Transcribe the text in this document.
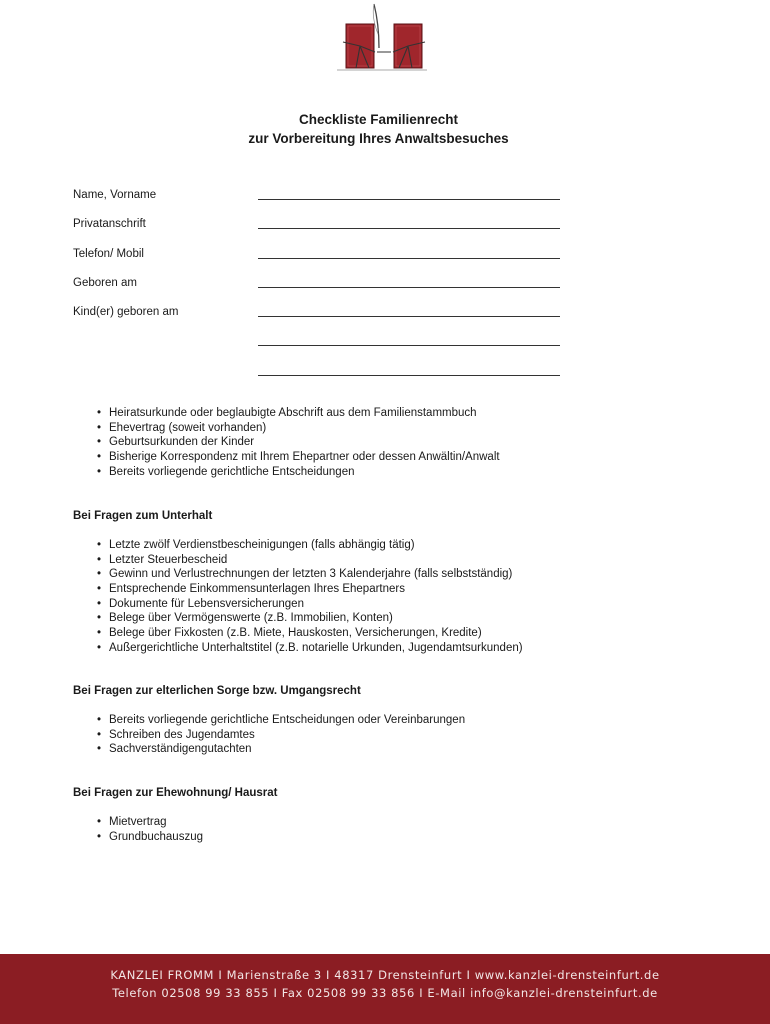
Checkliste Familienrecht
zur Vorbereitung Ihres Anwaltsbesuches
Name, Vorname
Privatanschrift
Telefon/ Mobil
Geboren am
Kind(er) geboren am
• Heiratsurkunde oder beglaubigte Abschrift aus dem Familienstammbuch
• Ehevertrag (soweit vorhanden)
• Geburtsurkunden der Kinder
• Bisherige Korrespondenz mit Ihrem Ehepartner oder dessen Anwältin/Anwalt
• Bereits vorliegende gerichtliche Entscheidungen
Bei Fragen zum Unterhalt
• Letzte zwölf Verdienstbescheinigungen (falls abhängig tätig)
• Letzter Steuerbescheid
• Gewinn und Verlustrechnungen der letzten 3 Kalenderjahre (falls selbstständig)
• Entsprechende Einkommensunterlagen Ihres Ehepartners
• Dokumente für Lebensversicherungen
• Belege über Vermögenswerte (z.B. Immobilien, Konten)
• Belege über Fixkosten (z.B. Miete, Hauskosten, Versicherungen, Kredite)
• Außergerichtliche Unterhaltstitel (z.B. notarielle Urkunden, Jugendamtsurkunden)
Bei Fragen zur elterlichen Sorge bzw. Umgangsrecht
• Bereits vorliegende gerichtliche Entscheidungen oder Vereinbarungen
• Schreiben des Jugendamtes
• Sachverständigengutachten
Bei Fragen zur Ehewohnung/ Hausrat
• Mietvertrag
• Grundbuchauszug
KANZLEI FROMM I Marienstraße 3 I 48317 Drensteinfurt I www.kanzlei-drensteinfurt.de
Telefon 02508 99 33 855 I Fax 02508 99 33 856 I E-Mail info@kanzlei-drensteinfurt.de
